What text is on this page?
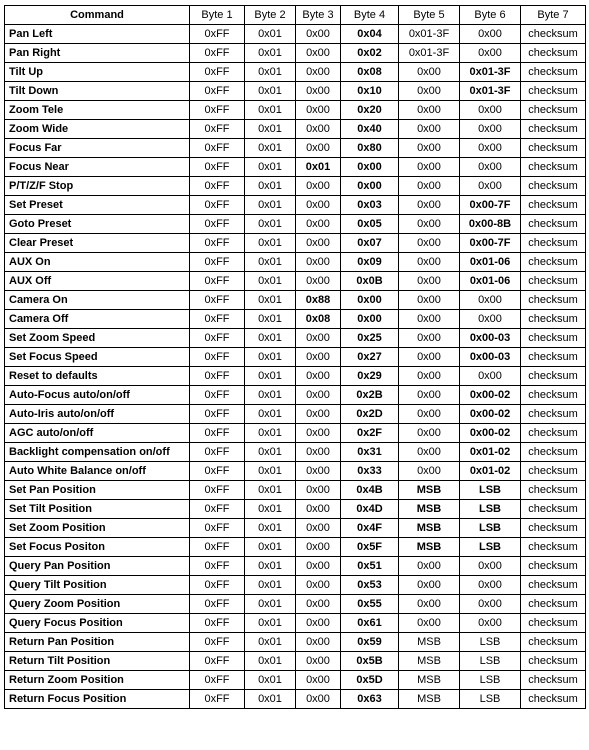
Command	Byte 1	Byte 2	Byte 3	Byte 4	Byte 5	Byte 6	Byte 7
Pan Left	0xFF	0x01	0x00	0x04	0x01-3F	0x00	checksum
Pan Right	0xFF	0x01	0x00	0x02	0x01-3F	0x00	checksum
Tilt Up	0xFF	0x01	0x00	0x08	0x00	0x01-3F	checksum
Tilt Down	0xFF	0x01	0x00	0x10	0x00	0x01-3F	checksum
Zoom Tele	0xFF	0x01	0x00	0x20	0x00	0x00	checksum
Zoom Wide	0xFF	0x01	0x00	0x40	0x00	0x00	checksum
Focus Far	0xFF	0x01	0x00	0x80	0x00	0x00	checksum
Focus Near	0xFF	0x01	0x01	0x00	0x00	0x00	checksum
P/T/Z/F Stop	0xFF	0x01	0x00	0x00	0x00	0x00	checksum
Set Preset	0xFF	0x01	0x00	0x03	0x00	0x00-7F	checksum
Goto Preset	0xFF	0x01	0x00	0x05	0x00	0x00-8B	checksum
Clear Preset	0xFF	0x01	0x00	0x07	0x00	0x00-7F	checksum
AUX On	0xFF	0x01	0x00	0x09	0x00	0x01-06	checksum
AUX Off	0xFF	0x01	0x00	0x0B	0x00	0x01-06	checksum
Camera On	0xFF	0x01	0x88	0x00	0x00	0x00	checksum
Camera Off	0xFF	0x01	0x08	0x00	0x00	0x00	checksum
Set Zoom Speed	0xFF	0x01	0x00	0x25	0x00	0x00-03	checksum
Set Focus Speed	0xFF	0x01	0x00	0x27	0x00	0x00-03	checksum
Reset to defaults	0xFF	0x01	0x00	0x29	0x00	0x00	checksum
Auto-Focus auto/on/off	0xFF	0x01	0x00	0x2B	0x00	0x00-02	checksum
Auto-Iris auto/on/off	0xFF	0x01	0x00	0x2D	0x00	0x00-02	checksum
AGC auto/on/off	0xFF	0x01	0x00	0x2F	0x00	0x00-02	checksum
Backlight compensation on/off	0xFF	0x01	0x00	0x31	0x00	0x01-02	checksum
Auto White Balance on/off	0xFF	0x01	0x00	0x33	0x00	0x01-02	checksum
Set Pan Position	0xFF	0x01	0x00	0x4B	MSB	LSB	checksum
Set Tilt Position	0xFF	0x01	0x00	0x4D	MSB	LSB	checksum
Set Zoom Position	0xFF	0x01	0x00	0x4F	MSB	LSB	checksum
Set Focus Positon	0xFF	0x01	0x00	0x5F	MSB	LSB	checksum
Query Pan Position	0xFF	0x01	0x00	0x51	0x00	0x00	checksum
Query Tilt Position	0xFF	0x01	0x00	0x53	0x00	0x00	checksum
Query Zoom Position	0xFF	0x01	0x00	0x55	0x00	0x00	checksum
Query Focus Position	0xFF	0x01	0x00	0x61	0x00	0x00	checksum
Return Pan Position	0xFF	0x01	0x00	0x59	MSB	LSB	checksum
Return Tilt Position	0xFF	0x01	0x00	0x5B	MSB	LSB	checksum
Return Zoom Position	0xFF	0x01	0x00	0x5D	MSB	LSB	checksum
Return Focus Position	0xFF	0x01	0x00	0x63	MSB	LSB	checksum
